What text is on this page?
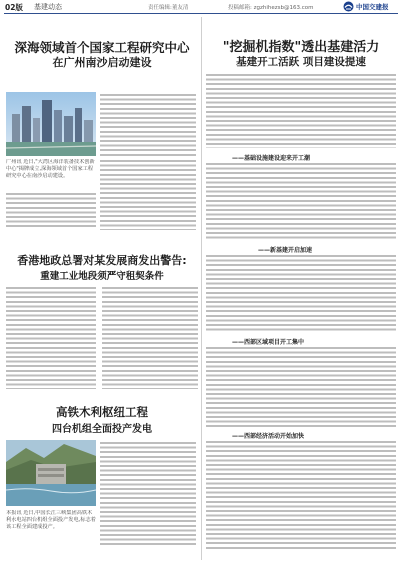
02版 基建动态	责任编辑:董友清	投稿邮箱: zgzhihezsb@163.com	中国交建报
深海领域首个国家工程研究中心
在广州南沙启动建设
广州讯 近日,"大湾区海洋装备技术创新中心"揭牌成立,深海领域首个国家工程研究中心在南沙启动建设。
香港地政总署对某发展商发出警告:
重建工业地段须严守租契条件
高铁木利枢纽工程
四台机组全面投产发电
本报讯 近日,中国长江三峡集团高铁木利水电站四台机组全面投产发电,标志着该工程全面建成投产。
"挖掘机指数"透出基建活力
基建开工活跃 项目建设提速
——基础设施建设迎来开工潮
——新基建开启加速
——西部区域项目开工集中
——西部经济活动开始加快
